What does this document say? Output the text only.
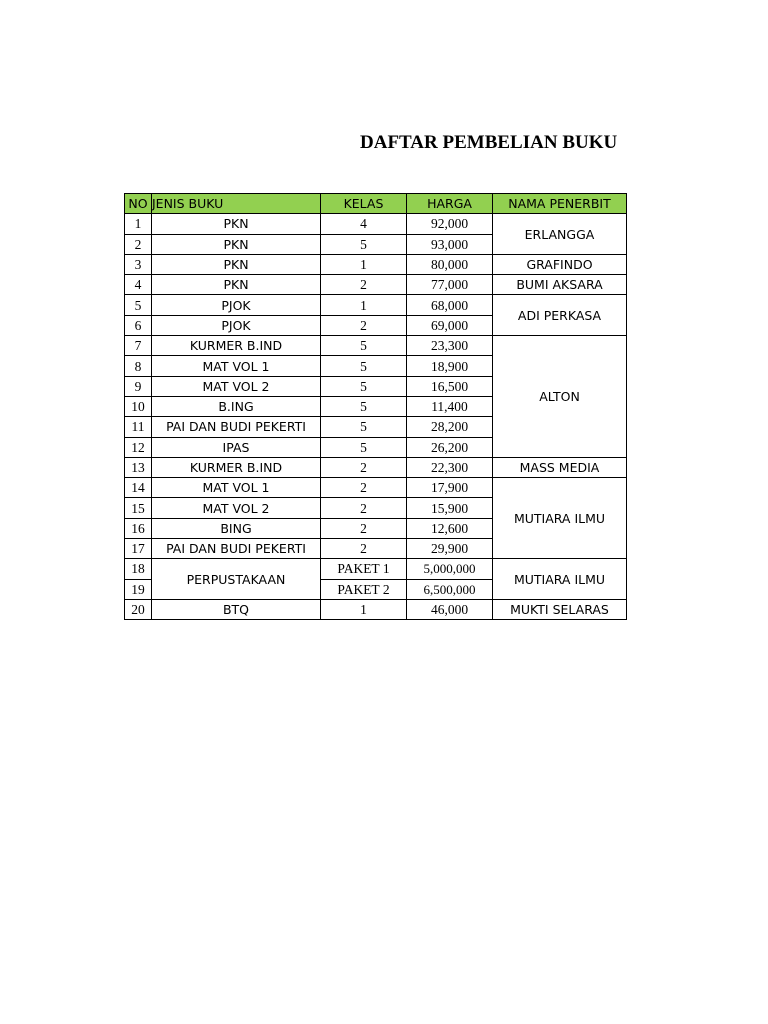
DAFTAR PEMBELIAN BUKU
NO	JENIS BUKU	KELAS	HARGA	NAMA PENERBIT
1	PKN	4	92,000	ERLANGGA
2	PKN	5	93,000	
3	PKN	1	80,000	GRAFINDO
4	PKN	2	77,000	BUMI AKSARA
5	PJOK	1	68,000	ADI PERKASA
6	PJOK	2	69,000	
7	KURMER B.IND	5	23,300	ALTON
8	MAT VOL 1	5	18,900	
9	MAT VOL 2	5	16,500	
10	B.ING	5	11,400	
11	PAI DAN BUDI PEKERTI	5	28,200	
12	IPAS	5	26,200	
13	KURMER B.IND	2	22,300	MASS MEDIA
14	MAT VOL 1	2	17,900	MUTIARA ILMU
15	MAT VOL 2	2	15,900	
16	BING	2	12,600	
17	PAI DAN BUDI PEKERTI	2	29,900	
18	PERPUSTAKAAN	PAKET 1	5,000,000	MUTIARA ILMU
19		PAKET 2	6,500,000	
20	BTQ	1	46,000	MUKTI SELARAS
